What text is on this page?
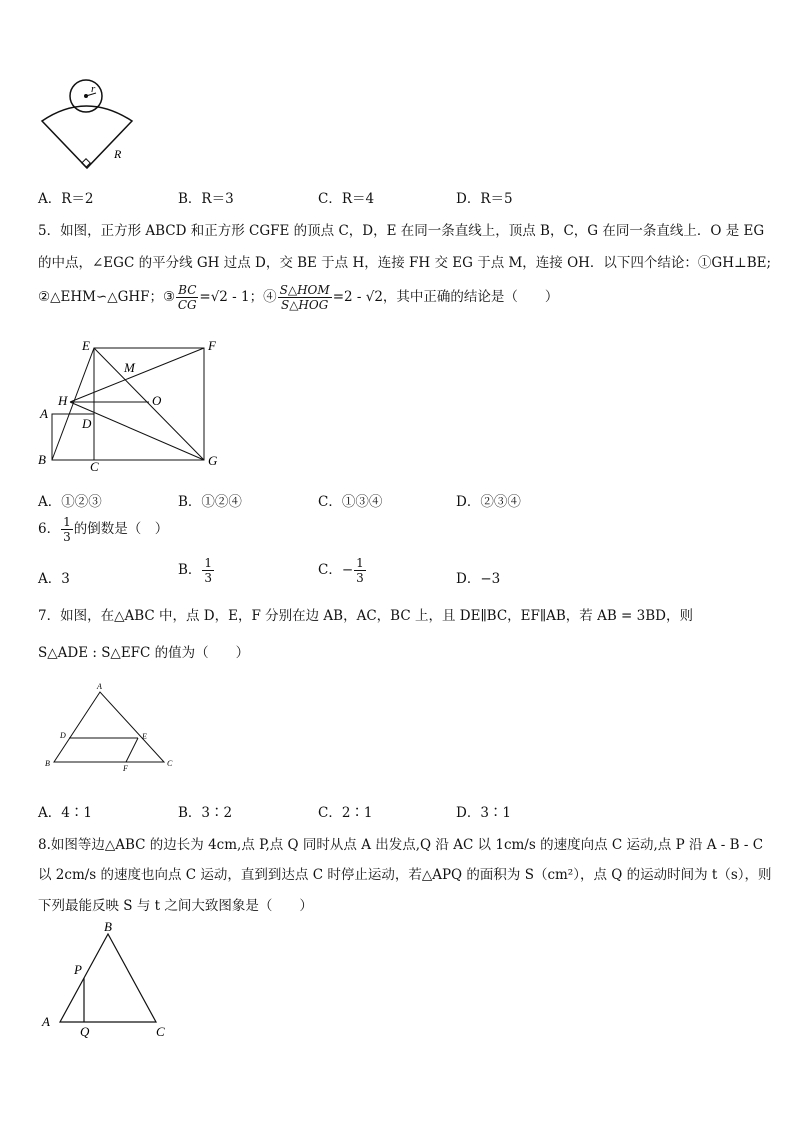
r
R
A．R＝2	B．R＝3	C．R＝4	D．R＝5
5．如图，正方形 ABCD 和正方形 CGFE 的顶点 C，D，E 在同一条直线上，顶点 B，C，G 在同一条直线上．O 是 EG
的中点，∠EGC 的平分线 GH 过点 D，交 BE 于点 H，连接 FH 交 EG 于点 M，连接 OH．以下四个结论：①GH⊥BE;
②△EHM∽△GHF；③ $\frac{BC}{CG} =√2 - 1$；④ $\frac{\text{S△HOM}}{\text{S△HOG}} =2 - √2$，其中正确的结论是（　　）
E	F
M
H	O
A
D
B	C	G
A．①②③	B．①②④	C．①③④	D．②③④
6． $\frac{1}{3}$ 的倒数是（　）
A．3
B． $\frac{1}{3}$	C．− $\frac{1}{3}$	D．−3
7．如图，在△ABC 中，点 D，E，F 分别在边 AB，AC，BC 上，且 DE∥BC，EF∥AB，若 AB = 3BD，则
S△ADE : S△EFC 的值为（　　）
A
D	E
B
F
C
A．4∶1	B．3∶2	C．2∶1	D．3∶1
8.如图等边△ABC 的边长为 4cm,点 P,点 Q 同时从点 A 出发点,Q 沿 AC 以 1cm/s 的速度向点 C 运动,点 P 沿 A - B - C
以 2cm/s 的速度也向点 C 运动，直到到达点 C 时停止运动，若△APQ 的面积为 S（cm²），点 Q 的运动时间为 t（s），则
下列最能反映 S 与 t 之间大致图象是（　　）
B
P
A
Q	C
